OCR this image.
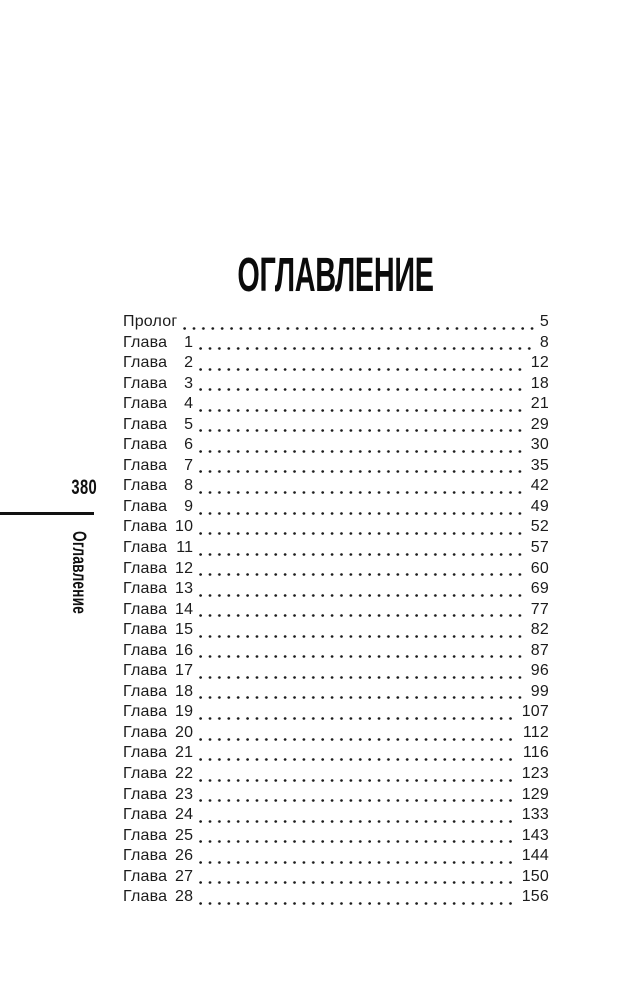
380
Оглавление
ОГЛАВЛЕНИЕ
Пролог	5
Глава	1	8
Глава	2	12
Глава	3	18
Глава	4	21
Глава	5	29
Глава	6	30
Глава	7	35
Глава	8	42
Глава	9	49
Глава 10	52
Глава 11	57
Глава 12	60
Глава 13	69
Глава 14	77
Глава 15	82
Глава 16	87
Глава 17	96
Глава 18	99
Глава 19	107
Глава 20	112
Глава 21	116
Глава 22	123
Глава 23	129
Глава 24	133
Глава 25	143
Глава 26	144
Глава 27	150
Глава 28	156
